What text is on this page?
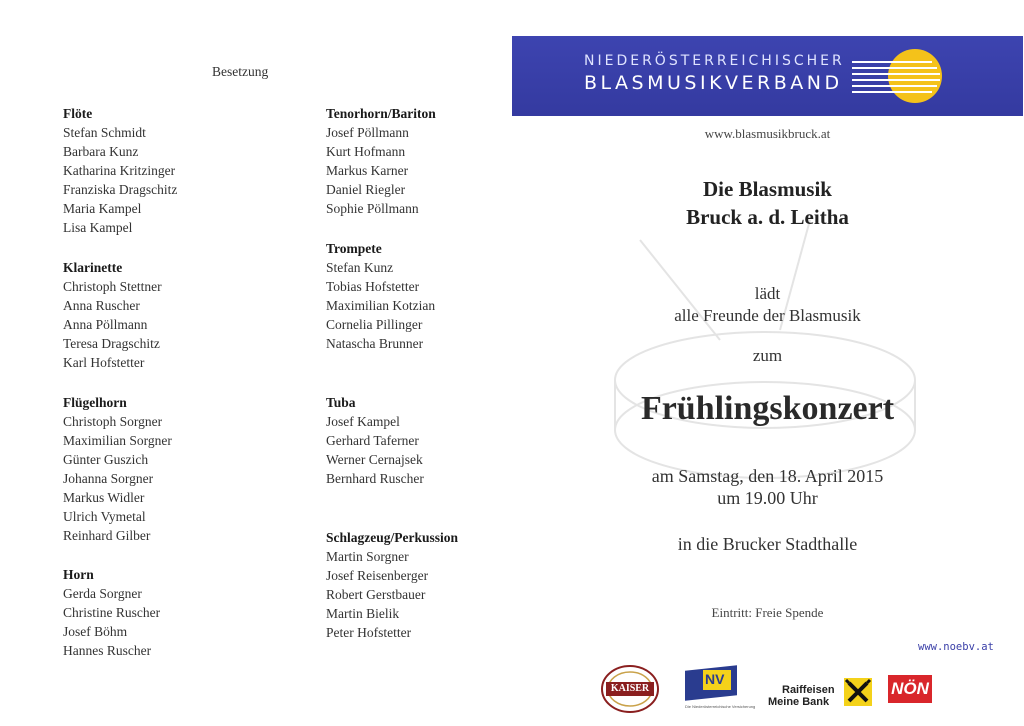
Besetzung
Flöte
Stefan Schmidt
Barbara Kunz
Katharina Kritzinger
Franziska Dragschitz
Maria Kampel
Lisa Kampel
Klarinette
Christoph Stettner
Anna Ruscher
Anna Pöllmann
Teresa Dragschitz
Karl Hofstetter
Flügelhorn
Christoph Sorgner
Maximilian Sorgner
Günter Guszich
Johanna Sorgner
Markus Widler
Ulrich Vymetal
Reinhard Gilber
Horn
Gerda Sorgner
Christine Ruscher
Josef Böhm
Hannes Ruscher
Tenorhorn/Bariton
Josef Pöllmann
Kurt Hofmann
Markus Karner
Daniel Riegler
Sophie Pöllmann
Trompete
Stefan Kunz
Tobias Hofstetter
Maximilian Kotzian
Cornelia Pillinger
Natascha Brunner
Tuba
Josef Kampel
Gerhard Taferner
Werner Cernajsek
Bernhard Ruscher
Schlagzeug/Perkussion
Martin Sorgner
Josef Reisenberger
Robert Gerstbauer
Martin Bielik
Peter Hofstetter
NIEDERÖSTERREICHISCHER
BLASMUSIKVERBAND
www.blasmusikbruck.at
Die Blasmusik
Bruck a. d. Leitha
lädt
alle Freunde der Blasmusik
zum
Frühlingskonzert
am Samstag, den 18. April 2015
um 19.00 Uhr
in die Brucker Stadthalle
Eintritt: Freie Spende
www.noebv.at
KAISER
NV
Die Niederösterreichische Versicherung
Raiffeisen
Meine Bank
NÖN
